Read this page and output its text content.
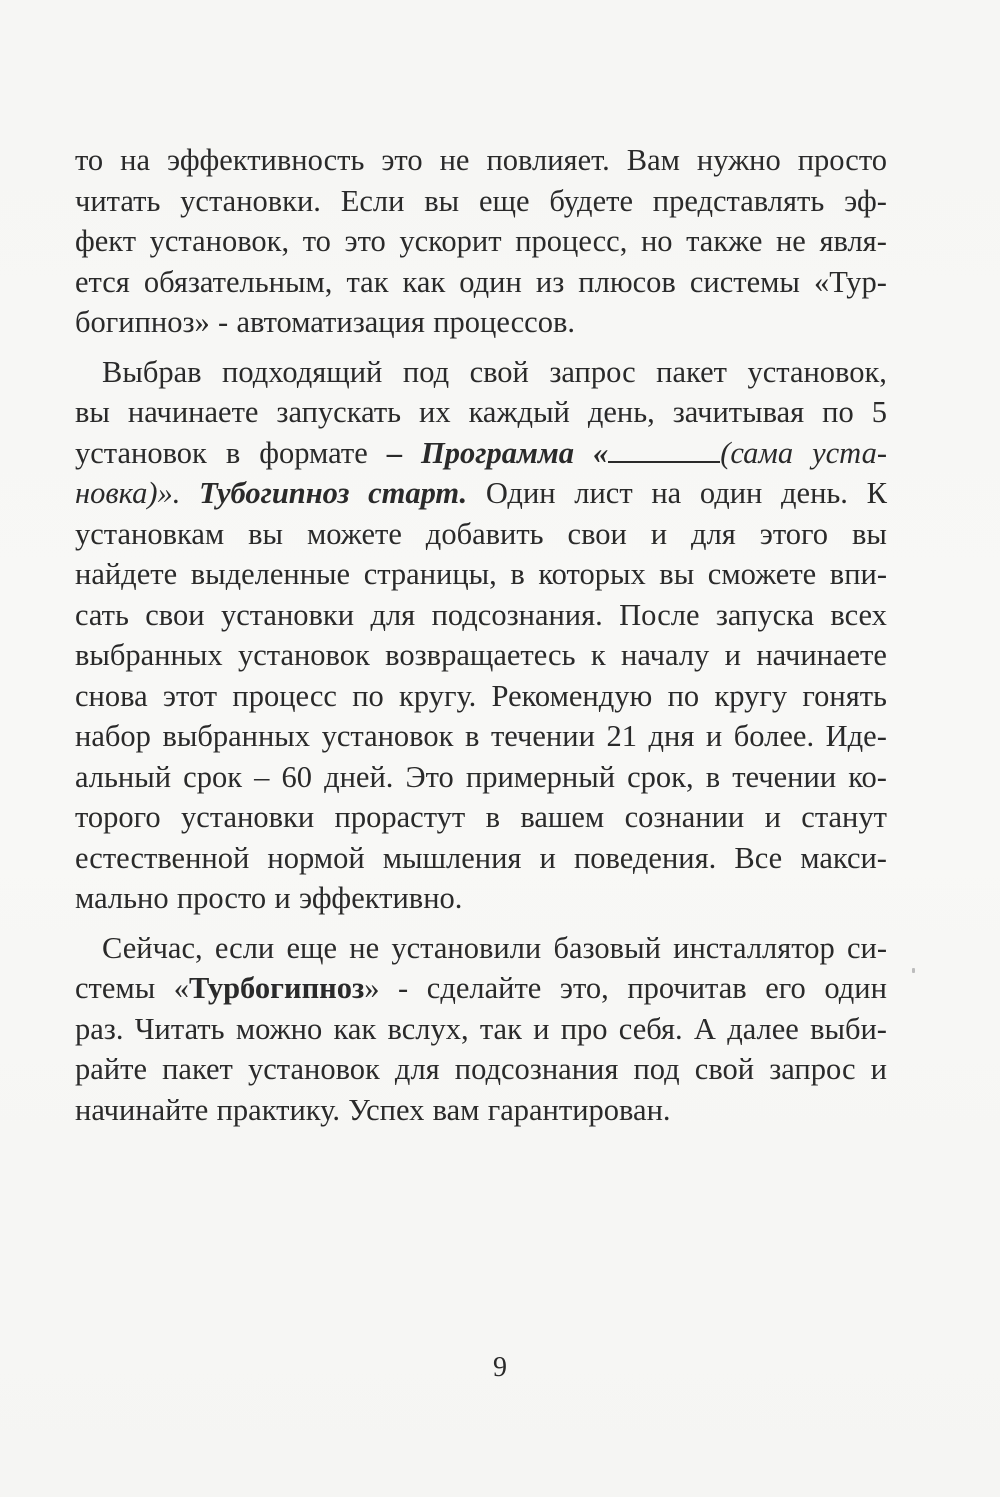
то на эффективность это не повлияет. Вам нужно просто
читать установки. Если вы еще будете представлять эф-
фект установок, то это ускорит процесс, но также не явля-
ется обязательным, так как один из плюсов системы «Тур-
богипноз» - автоматизация процессов.
Выбрав подходящий под свой запрос пакет установок,
вы начинаете запускать их каждый день, зачитывая по 5
установок в формате – Программа «	(сама уста-
новка)». Тубогипноз старт. Один лист на один день. К
установкам вы можете добавить свои и для этого вы
найдете выделенные страницы, в которых вы сможете впи-
сать свои установки для подсознания. После запуска всех
выбранных установок возвращаетесь к началу и начинаете
снова этот процесс по кругу. Рекомендую по кругу гонять
набор выбранных установок в течении 21 дня и более. Иде-
альный срок – 60 дней. Это примерный срок, в течении ко-
торого установки прорастут в вашем сознании и станут
естественной нормой мышления и поведения. Все макси-
мально просто и эффективно.
Сейчас, если еще не установили базовый инсталлятор си-
стемы «Турбогипноз» - сделайте это, прочитав его один
раз. Читать можно как вслух, так и про себя. А далее выби-
райте пакет установок для подсознания под свой запрос и
начинайте практику. Успех вам гарантирован.
9
